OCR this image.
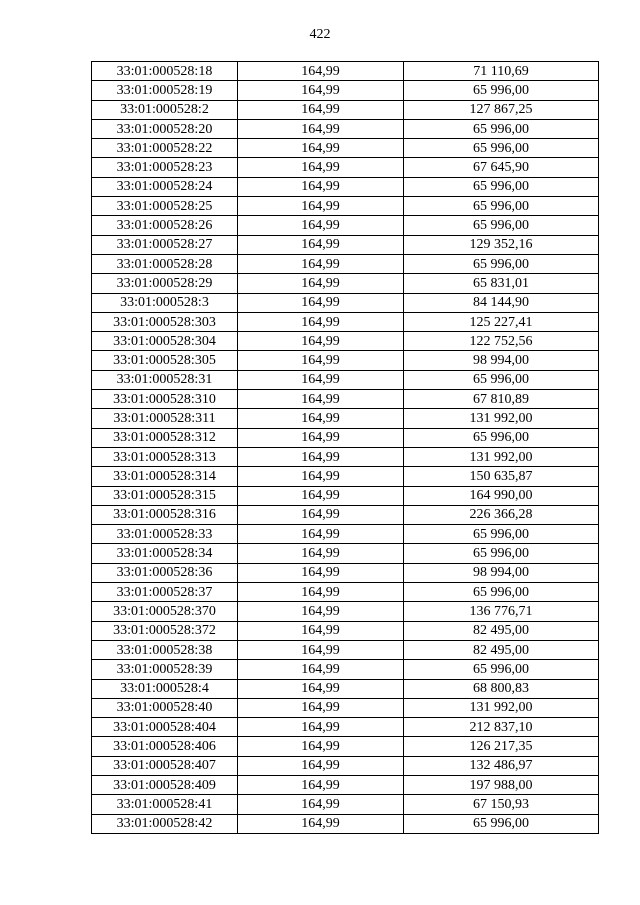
422
33:01:000528:18	164,99	71 110,69
33:01:000528:19	164,99	65 996,00
33:01:000528:2	164,99	127 867,25
33:01:000528:20	164,99	65 996,00
33:01:000528:22	164,99	65 996,00
33:01:000528:23	164,99	67 645,90
33:01:000528:24	164,99	65 996,00
33:01:000528:25	164,99	65 996,00
33:01:000528:26	164,99	65 996,00
33:01:000528:27	164,99	129 352,16
33:01:000528:28	164,99	65 996,00
33:01:000528:29	164,99	65 831,01
33:01:000528:3	164,99	84 144,90
33:01:000528:303	164,99	125 227,41
33:01:000528:304	164,99	122 752,56
33:01:000528:305	164,99	98 994,00
33:01:000528:31	164,99	65 996,00
33:01:000528:310	164,99	67 810,89
33:01:000528:311	164,99	131 992,00
33:01:000528:312	164,99	65 996,00
33:01:000528:313	164,99	131 992,00
33:01:000528:314	164,99	150 635,87
33:01:000528:315	164,99	164 990,00
33:01:000528:316	164,99	226 366,28
33:01:000528:33	164,99	65 996,00
33:01:000528:34	164,99	65 996,00
33:01:000528:36	164,99	98 994,00
33:01:000528:37	164,99	65 996,00
33:01:000528:370	164,99	136 776,71
33:01:000528:372	164,99	82 495,00
33:01:000528:38	164,99	82 495,00
33:01:000528:39	164,99	65 996,00
33:01:000528:4	164,99	68 800,83
33:01:000528:40	164,99	131 992,00
33:01:000528:404	164,99	212 837,10
33:01:000528:406	164,99	126 217,35
33:01:000528:407	164,99	132 486,97
33:01:000528:409	164,99	197 988,00
33:01:000528:41	164,99	67 150,93
33:01:000528:42	164,99	65 996,00
